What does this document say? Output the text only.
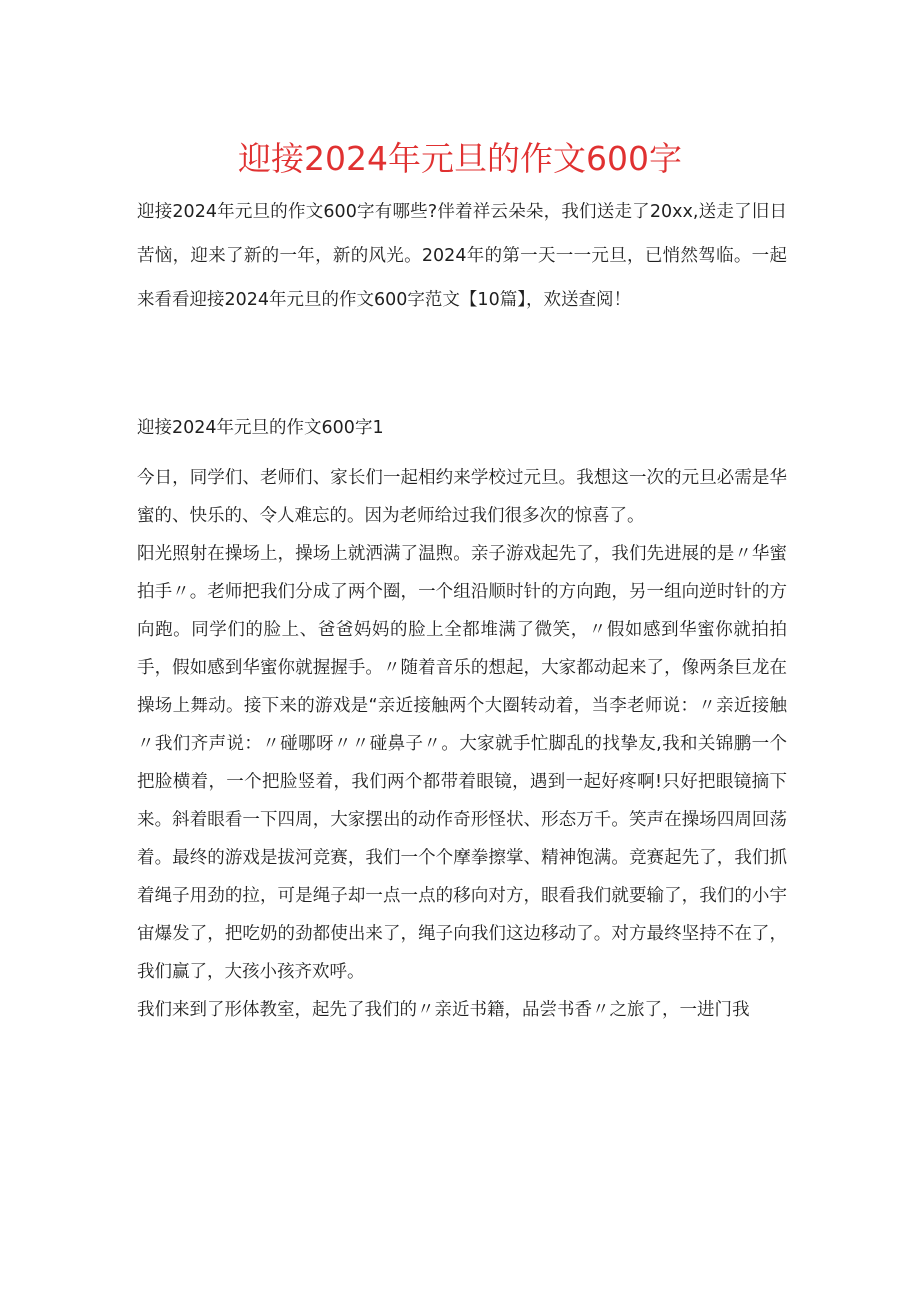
迎接2024年元旦的作文600字
迎接2024年元旦的作文600字有哪些?伴着祥云朵朵，我们送走了20xx,送走了旧日苦恼，迎来了新的一年，新的风光。2024年的第一天一一元旦，已悄然驾临。一起来看看迎接2024年元旦的作文600字范文【10篇】，欢送查阅！
迎接2024年元旦的作文600字1

今日，同学们、老师们、家长们一起相约来学校过元旦。我想这一次的元旦必需是华蜜的、快乐的、令人难忘的。因为老师给过我们很多次的惊喜了。

阳光照射在操场上，操场上就洒满了温煦。亲子游戏起先了，我们先进展的是〃华蜜拍手〃。老师把我们分成了两个圈，一个组沿顺时针的方向跑，另一组向逆时针的方向跑。同学们的脸上、爸爸妈妈的脸上全都堆满了微笑，〃假如感到华蜜你就拍拍手，假如感到华蜜你就握握手。〃随着音乐的想起，大家都动起来了，像两条巨龙在操场上舞动。接下来的游戏是“亲近接触两个大圈转动着，当李老师说：〃亲近接触〃我们齐声说：〃碰哪呀〃〃碰鼻子〃。大家就手忙脚乱的找挚友,我和关锦鹏一个把脸横着，一个把脸竖着，我们两个都带着眼镜，遇到一起好疼啊!只好把眼镜摘下来。斜着眼看一下四周，大家摆出的动作奇形怪状、形态万千。笑声在操场四周回荡着。最终的游戏是拔河竞赛，我们一个个摩拳擦掌、精神饱满。竞赛起先了，我们抓着绳子用劲的拉，可是绳子却一点一点的移向对方，眼看我们就要输了，我们的小宇宙爆发了，把吃奶的劲都使出来了，绳子向我们这边移动了。对方最终坚持不在了，我们赢了，大孩小孩齐欢呼。

我们来到了形体教室，起先了我们的〃亲近书籍，品尝书香〃之旅了，一进门我
